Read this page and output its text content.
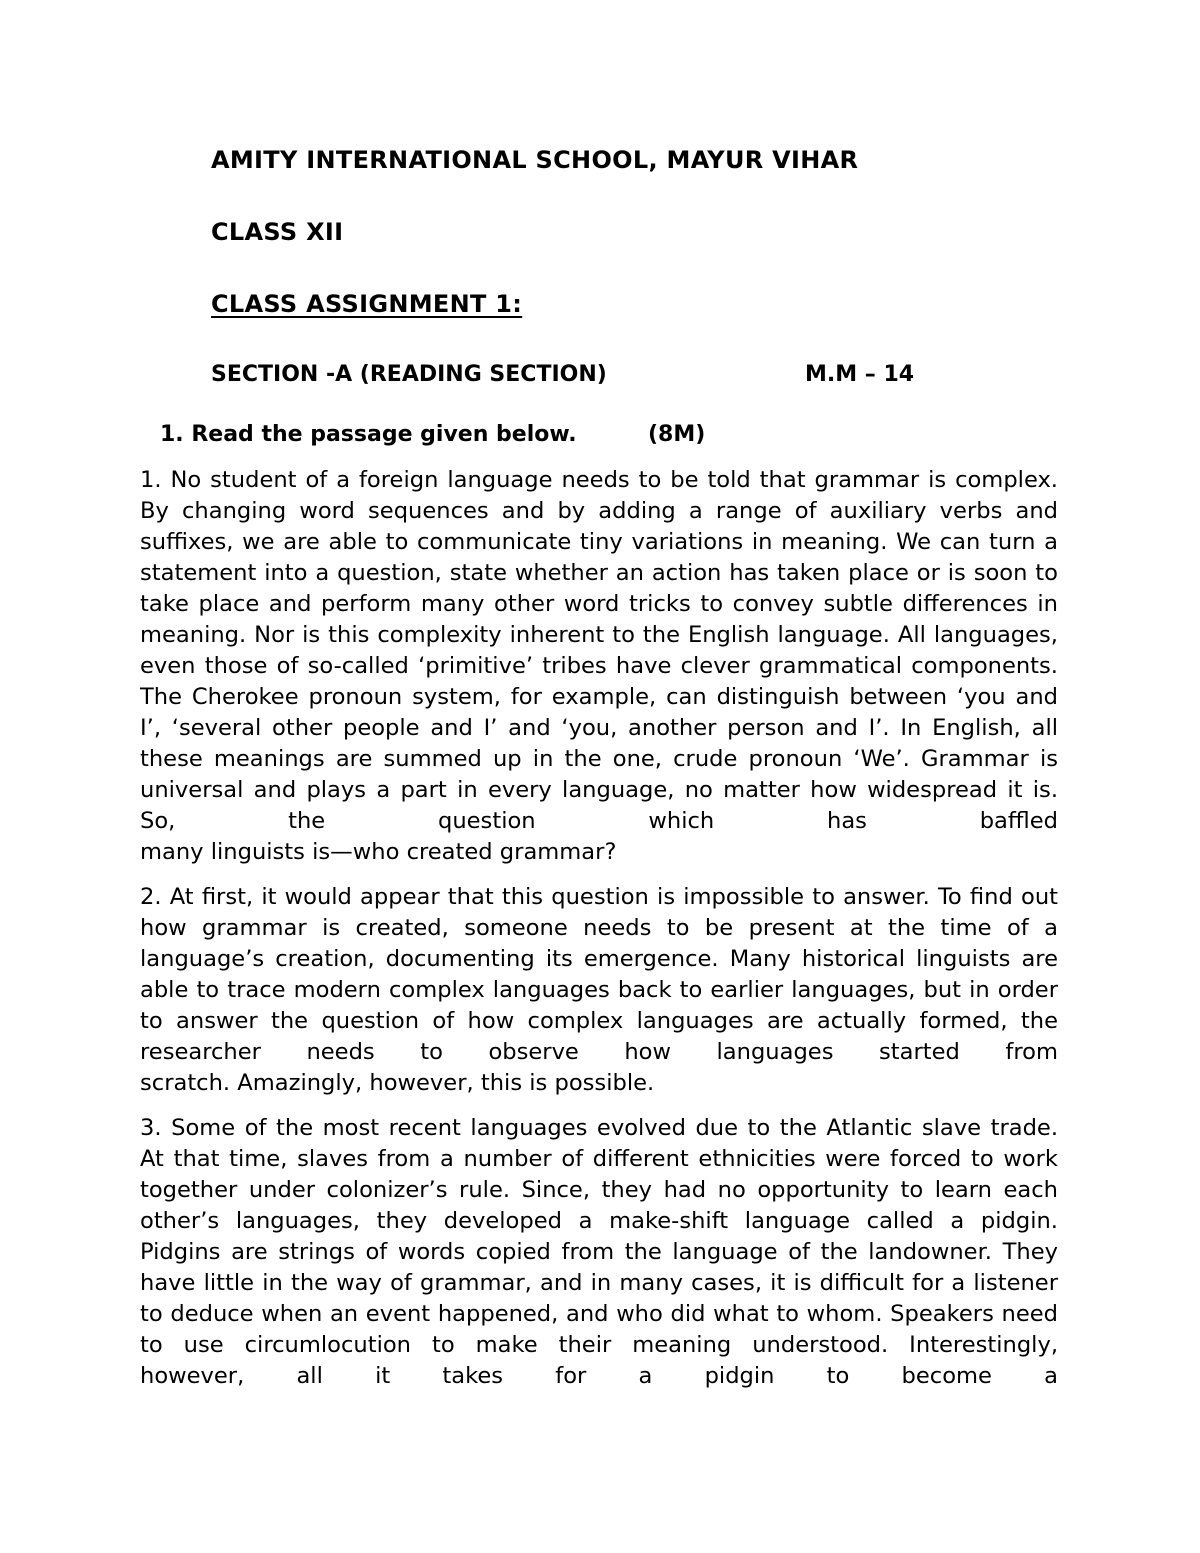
AMITY INTERNATIONAL SCHOOL, MAYUR VIHAR
CLASS XII
CLASS ASSIGNMENT 1:
SECTION -A (READING SECTION)	M.M – 14
1. Read the passage given below.	(8M)

1. No student of a foreign language needs to be told that grammar is complex. By changing word sequences and by adding a range of auxiliary verbs and suffixes, we are able to communicate tiny variations in meaning. We can turn a statement into a question, state whether an action has taken place or is soon to take place and perform many other word tricks to convey subtle differences in meaning. Nor is this complexity inherent to the English language. All languages, even those of so-called ‘primitive’ tribes have clever grammatical components. The Cherokee pronoun system, for example, can distinguish between ‘you and I’, ‘several other people and I’ and ‘you, another person and I’. In English, all these meanings are summed up in the one, crude pronoun ‘We’. Grammar is universal and plays a part in every language, no matter how widespread it is. So, the question which has baffled
many linguists is—who created grammar?

2. At first, it would appear that this question is impossible to answer. To find out how grammar is created, someone needs to be present at the time of a language’s creation, documenting its emergence. Many historical linguists are able to trace modern complex languages back to earlier languages, but in order to answer the question of how complex languages are actually formed, the researcher needs to observe how languages started from
scratch. Amazingly, however, this is possible.

3. Some of the most recent languages evolved due to the Atlantic slave trade. At that time, slaves from a number of different ethnicities were forced to work together under colonizer’s rule. Since, they had no opportunity to learn each other’s languages, they developed a make-shift language called a pidgin. Pidgins are strings of words copied from the language of the landowner. They have little in the way of grammar, and in many cases, it is difficult for a listener to deduce when an event happened, and who did what to whom. Speakers need to use circumlocution to make their meaning understood. Interestingly, however, all it takes for a pidgin to become a
